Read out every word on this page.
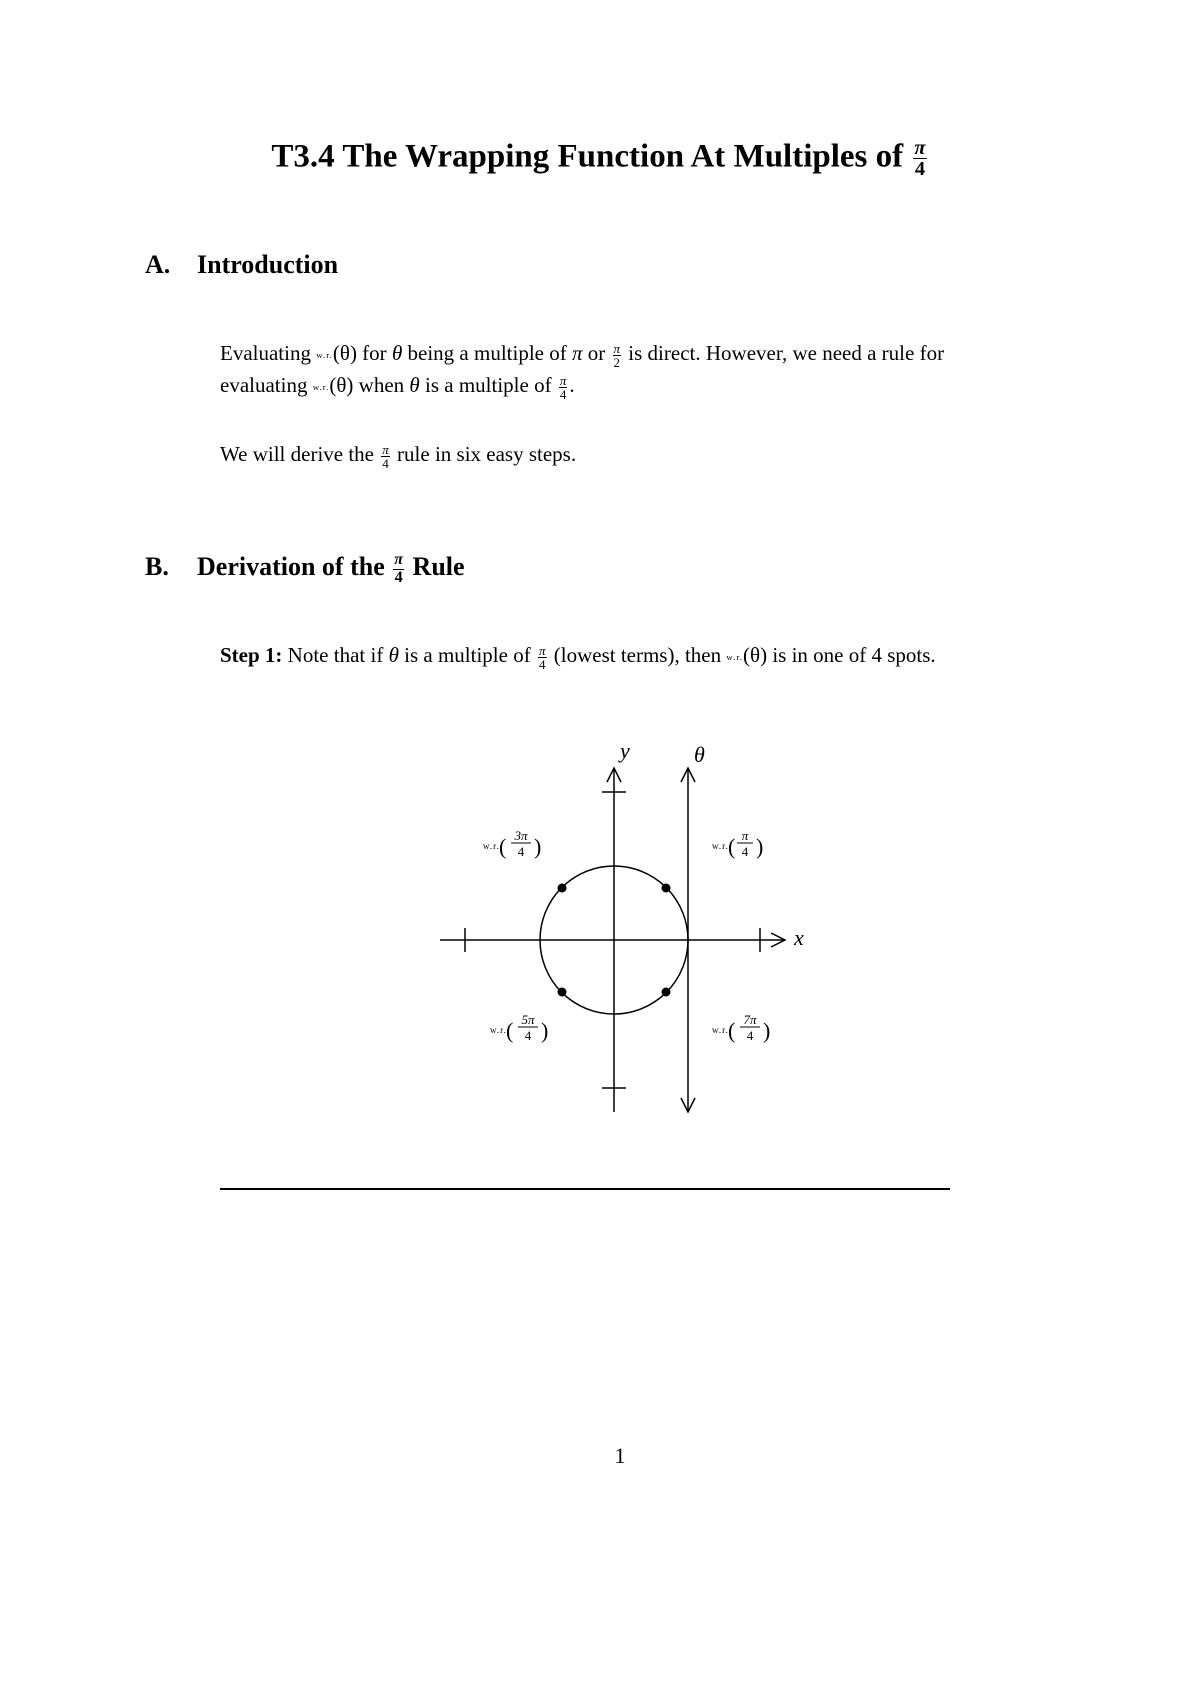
T3.4 The Wrapping Function At Multiples of $\frac{\pi}{4}$
A. Introduction
Evaluating w.r.(θ) for θ being a multiple of π or $\frac{\pi}{2}$ is direct. However, we need a rule for
evaluating w.r.(θ) when θ is a multiple of $\frac{\pi}{4}$ .
We will derive the $\frac{\pi}{4}$ rule in six easy steps.
B. Derivation of the $\frac{\pi}{4}$ Rule
Step 1: Note that if θ is a multiple of $\frac{\pi}{4}$ (lowest terms), then w.r.(θ) is in one of 4 spots.
y	θ
x
w.r. ( 3π
4 )	w.r. ( π
4 )
w.r. ( 5π
4 )	w.r. ( 7π
4 )
1
